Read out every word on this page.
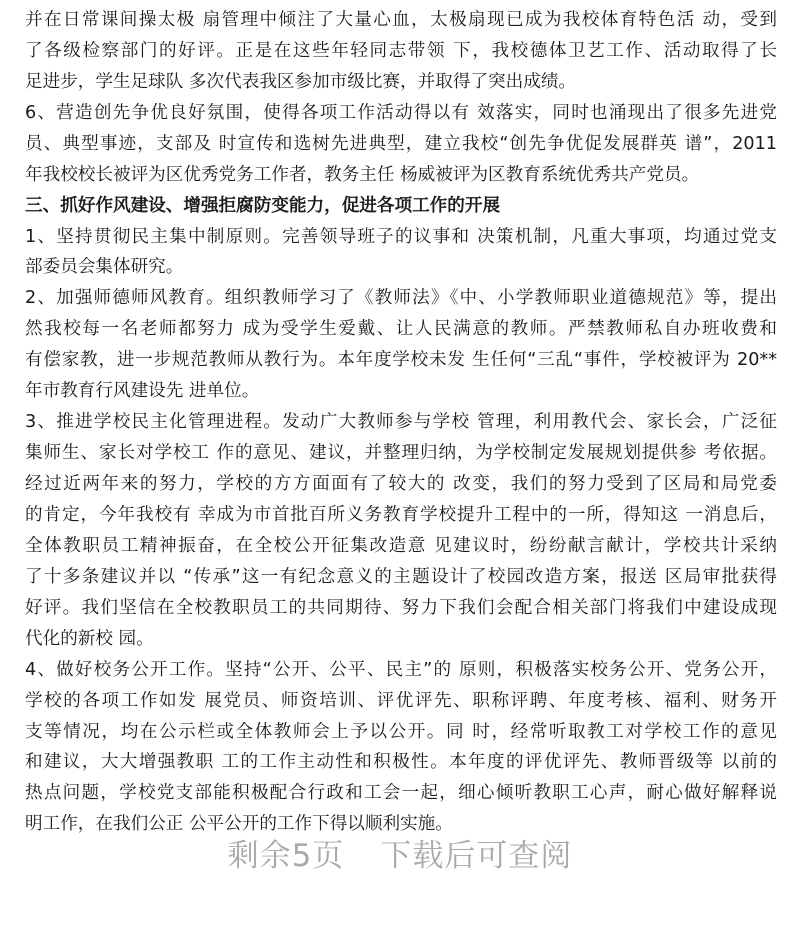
并在日常课间操太极 扇管理中倾注了大量心血，太极扇现已成为我校体育特色活 动，受到
了各级检察部门的好评。正是在这些年轻同志带领 下，我校德体卫艺工作、活动取得了长
足进步，学生足球队 多次代表我区参加市级比赛，并取得了突出成绩。
6、营造创先争优良好氛围，使得各项工作活动得以有 效落实，同时也涌现出了很多先进党
员、典型事迹，支部及 时宣传和选树先进典型，建立我校“创先争优促发展群英 谱”，2011
年我校校长被评为区优秀党务工作者，教务主任 杨威被评为区教育系统优秀共产党员。
三、抓好作风建设、增强拒腐防变能力，促进各项工作的开展
1、坚持贯彻民主集中制原则。完善领导班子的议事和 决策机制，凡重大事项，均通过党支
部委员会集体研究。
2、加强师德师风教育。组织教师学习了《教师法》《中、小学教师职业道德规范》等，提出
然我校每一名老师都努力 成为受学生爱戴、让人民满意的教师。严禁教师私自办班收费和
有偿家教，进一步规范教师从教行为。本年度学校未发 生任何“三乱“事件，学校被评为 20**
年市教育行风建设先 进单位。
3、推进学校民主化管理进程。发动广大教师参与学校 管理，利用教代会、家长会，广泛征
集师生、家长对学校工 作的意见、建议，并整理归纳，为学校制定发展规划提供参 考依据。
经过近两年来的努力，学校的方方面面有了较大的 改变，我们的努力受到了区局和局党委
的肯定，今年我校有 幸成为市首批百所义务教育学校提升工程中的一所，得知这 一消息后，
全体教职员工精神振奋，在全校公开征集改造意 见建议时，纷纷献言献计，学校共计采纳
了十多条建议并以 “传承”这一有纪念意义的主题设计了校园改造方案，报送 区局审批获得
好评。我们坚信在全校教职员工的共同期待、努力下我们会配合相关部门将我们中建设成现
代化的新校 园。
4、做好校务公开工作。坚持“公开、公平、民主”的 原则，积极落实校务公开、党务公开，
学校的各项工作如发 展党员、师资培训、评优评先、职称评聘、年度考核、福利、财务开
支等情况，均在公示栏或全体教师会上予以公开。同 时，经常听取教工对学校工作的意见
和建议，大大增强教职 工的工作主动性和积极性。本年度的评优评先、教师晋级等 以前的
热点问题，学校党支部能积极配合行政和工会一起，细心倾听教职工心声，耐心做好解释说
明工作，在我们公正 公平公开的工作下得以顺利实施。
剩余5页 下载后可查阅
